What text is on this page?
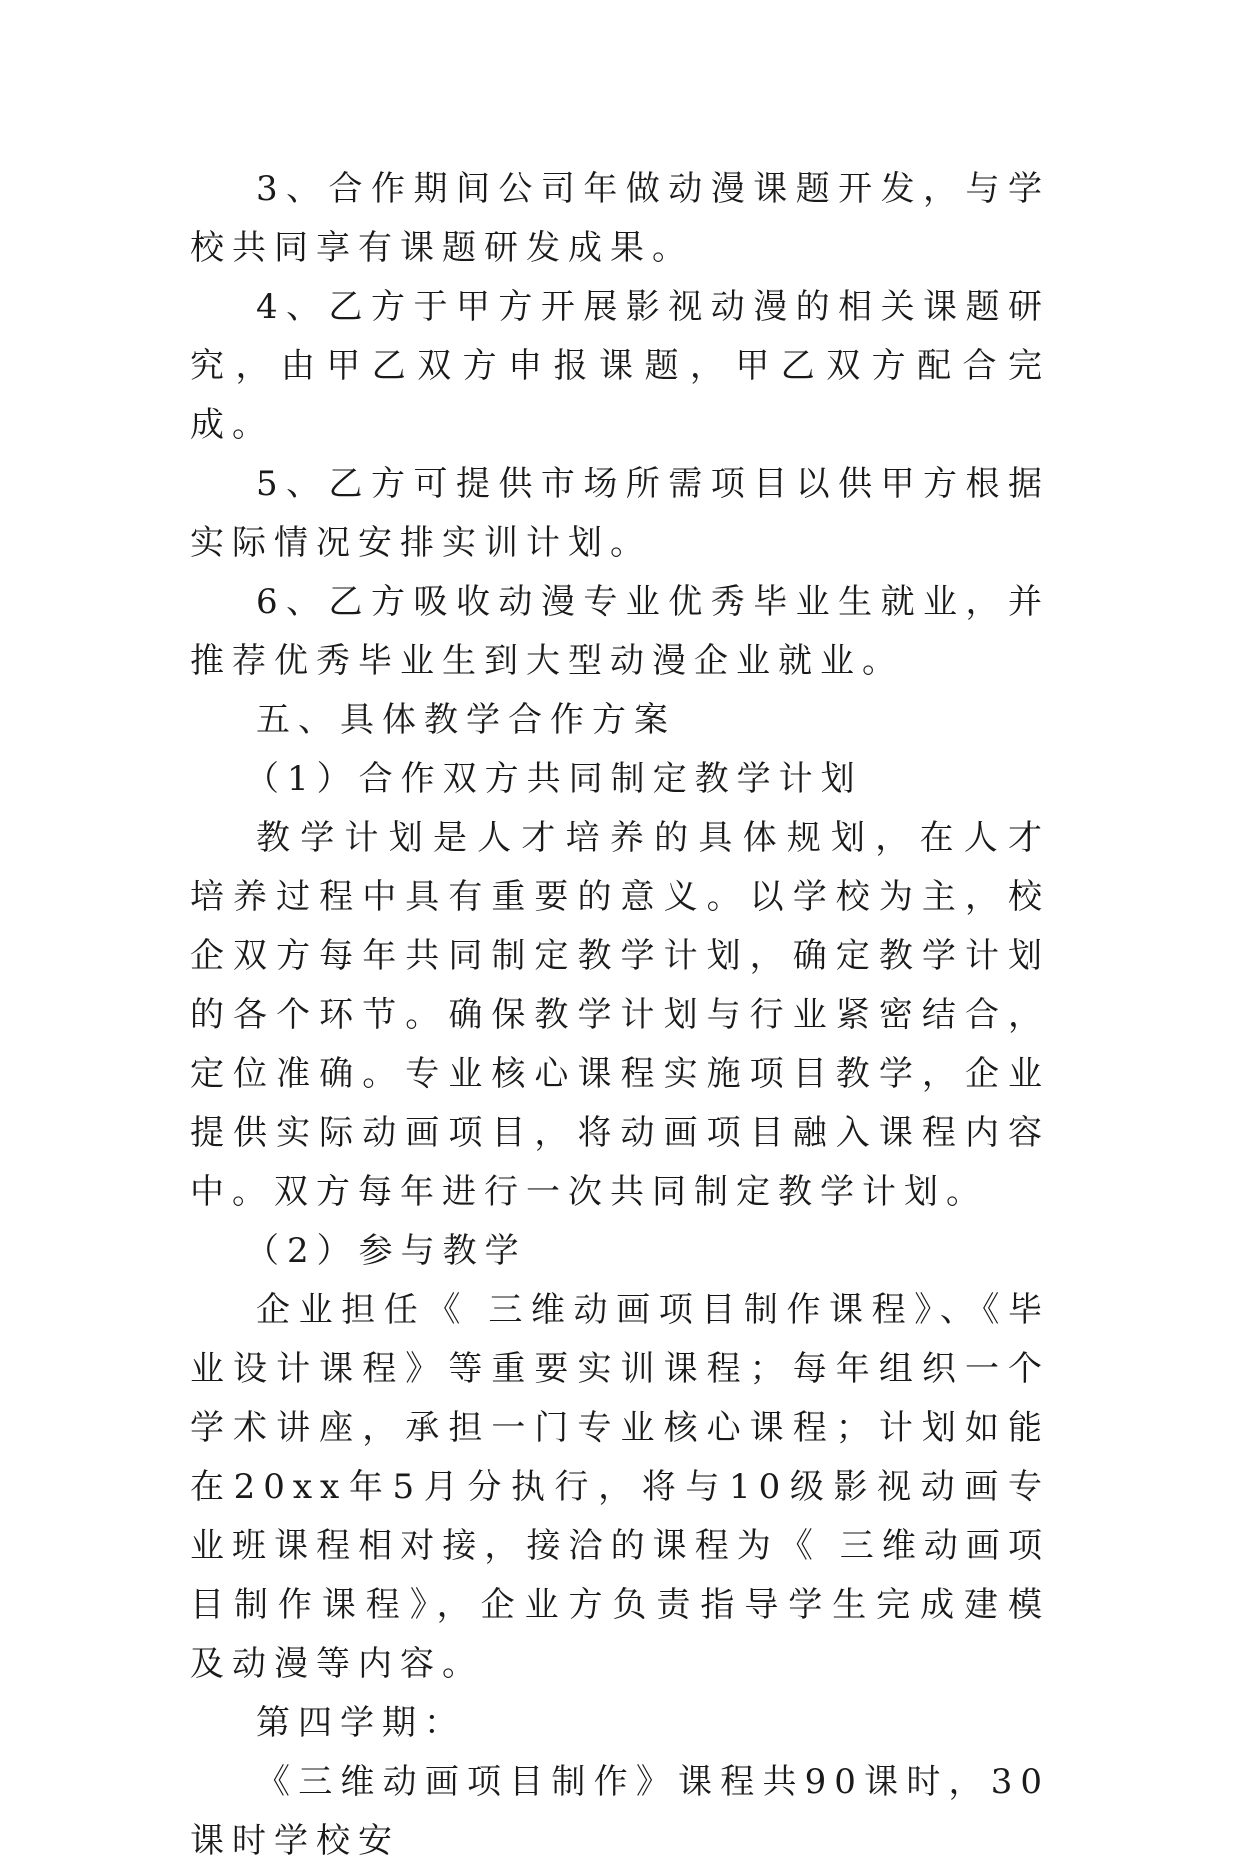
3、合作期间公司年做动漫课题开发，与学校共同享有课题研发成果。

4、乙方于甲方开展影视动漫的相关课题研究，由甲乙双方申报课题，甲乙双方配合完成。

5、乙方可提供市场所需项目以供甲方根据实际情况安排实训计划。

6、乙方吸收动漫专业优秀毕业生就业，并推荐优秀毕业生到大型动漫企业就业。

五、具体教学合作方案

（1）合作双方共同制定教学计划

教学计划是人才培养的具体规划，在人才培养过程中具有重要的意义。以学校为主，校企双方每年共同制定教学计划，确定教学计划的各个环节。确保教学计划与行业紧密结合，定位准确。专业核心课程实施项目教学，企业提供实际动画项目，将动画项目融入课程内容中。双方每年进行一次共同制定教学计划。

（2）参与教学

企业担任《 三维动画项目制作课程》、《毕业设计课程》等重要实训课程；每年组织一个学术讲座，承担一门专业核心课程；计划如能在20xx年5月分执行，将与10级影视动画专业班课程相对接，接洽的课程为《 三维动画项目制作课程》，企业方负责指导学生完成建模及动漫等内容。

第四学期：

《三维动画项目制作》课程共90课时，30课时学校安
